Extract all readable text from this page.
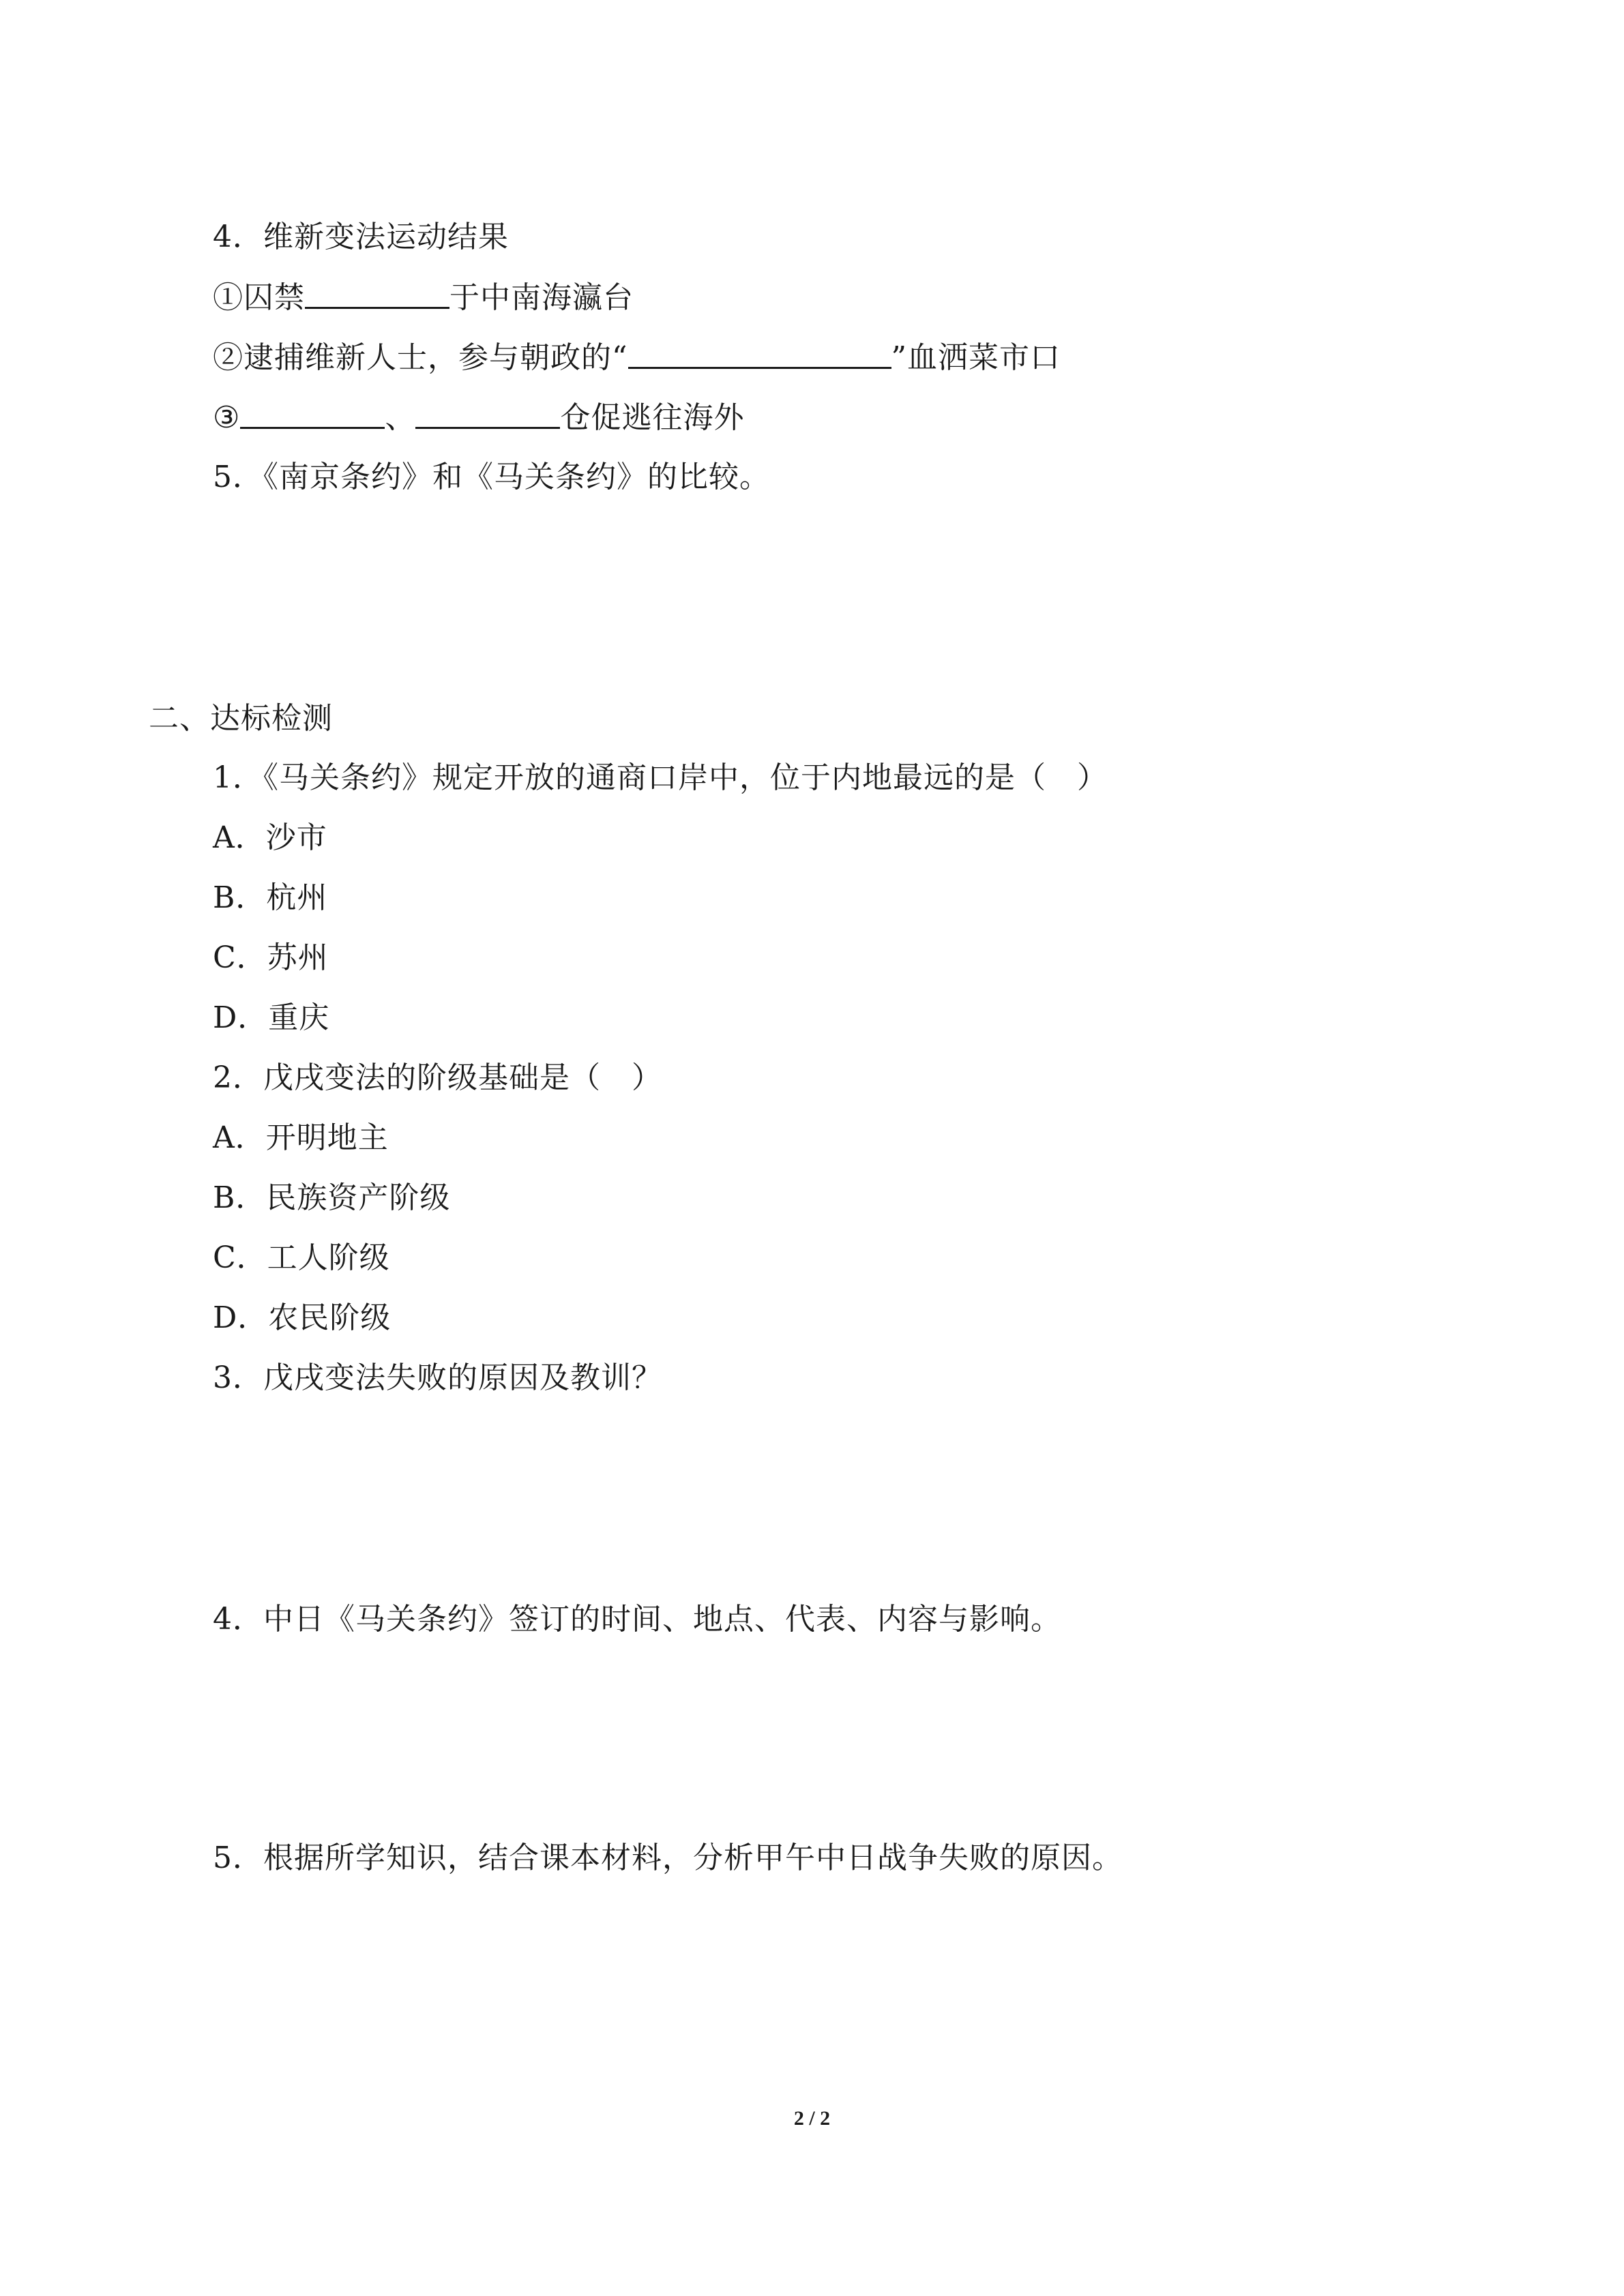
4．维新变法运动结果
①囚禁	于中南海瀛台
②逮捕维新人士，参与朝政的“	”血洒菜市口
③	、	仓促逃往海外
5．《南京条约》和《马关条约》的比较。
二、达标检测
1．《马关条约》规定开放的通商口岸中，位于内地最远的是（　）
A．沙市
B．杭州
C．苏州
D．重庆
2．戊戌变法的阶级基础是（　）
A．开明地主
B．民族资产阶级
C．工人阶级
D．农民阶级
3．戊戌变法失败的原因及教训？
4．中日《马关条约》签订的时间、地点、代表、内容与影响。
5．根据所学知识，结合课本材料，分析甲午中日战争失败的原因。
2 / 2
